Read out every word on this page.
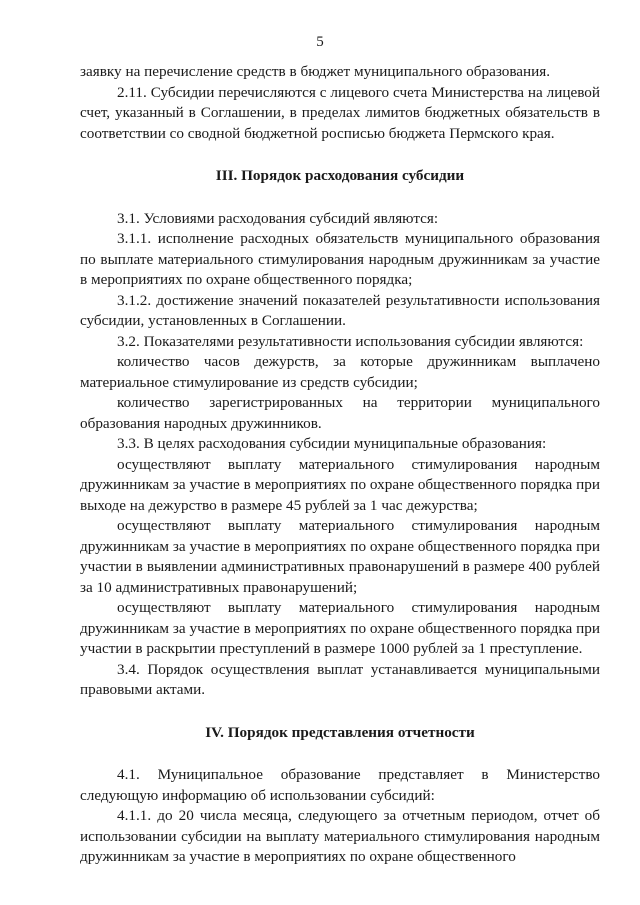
5

заявку на перечисление средств в бюджет муниципального образования.

2.11. Субсидии перечисляются с лицевого счета Министерства на лицевой счет, указанный в Соглашении, в пределах лимитов бюджетных обязательств в соответствии со сводной бюджетной росписью бюджета Пермского края.

III. Порядок расходования субсидии

3.1. Условиями расходования субсидий являются:

3.1.1. исполнение расходных обязательств муниципального образования по выплате материального стимулирования народным дружинникам за участие в мероприятиях по охране общественного порядка;

3.1.2. достижение значений показателей результативности использования субсидии, установленных в Соглашении.

3.2. Показателями результативности использования субсидии являются:

количество часов дежурств, за которые дружинникам выплачено материальное стимулирование из средств субсидии;

количество зарегистрированных на территории муниципального образования народных дружинников.

3.3. В целях расходования субсидии муниципальные образования:

осуществляют выплату материального стимулирования народным дружинникам за участие в мероприятиях по охране общественного порядка при выходе на дежурство в размере 45 рублей за 1 час дежурства;

осуществляют выплату материального стимулирования народным дружинникам за участие в мероприятиях по охране общественного порядка при участии в выявлении административных правонарушений в размере 400 рублей за 10 административных правонарушений;

осуществляют выплату материального стимулирования народным дружинникам за участие в мероприятиях по охране общественного порядка при участии в раскрытии преступлений в размере 1000 рублей за 1 преступление.

3.4. Порядок осуществления выплат устанавливается муниципальными правовыми актами.

IV. Порядок представления отчетности

4.1. Муниципальное образование представляет в Министерство следующую информацию об использовании субсидий:

4.1.1. до 20 числа месяца, следующего за отчетным периодом, отчет об использовании субсидии на выплату материального стимулирования народным дружинникам за участие в мероприятиях по охране общественного
